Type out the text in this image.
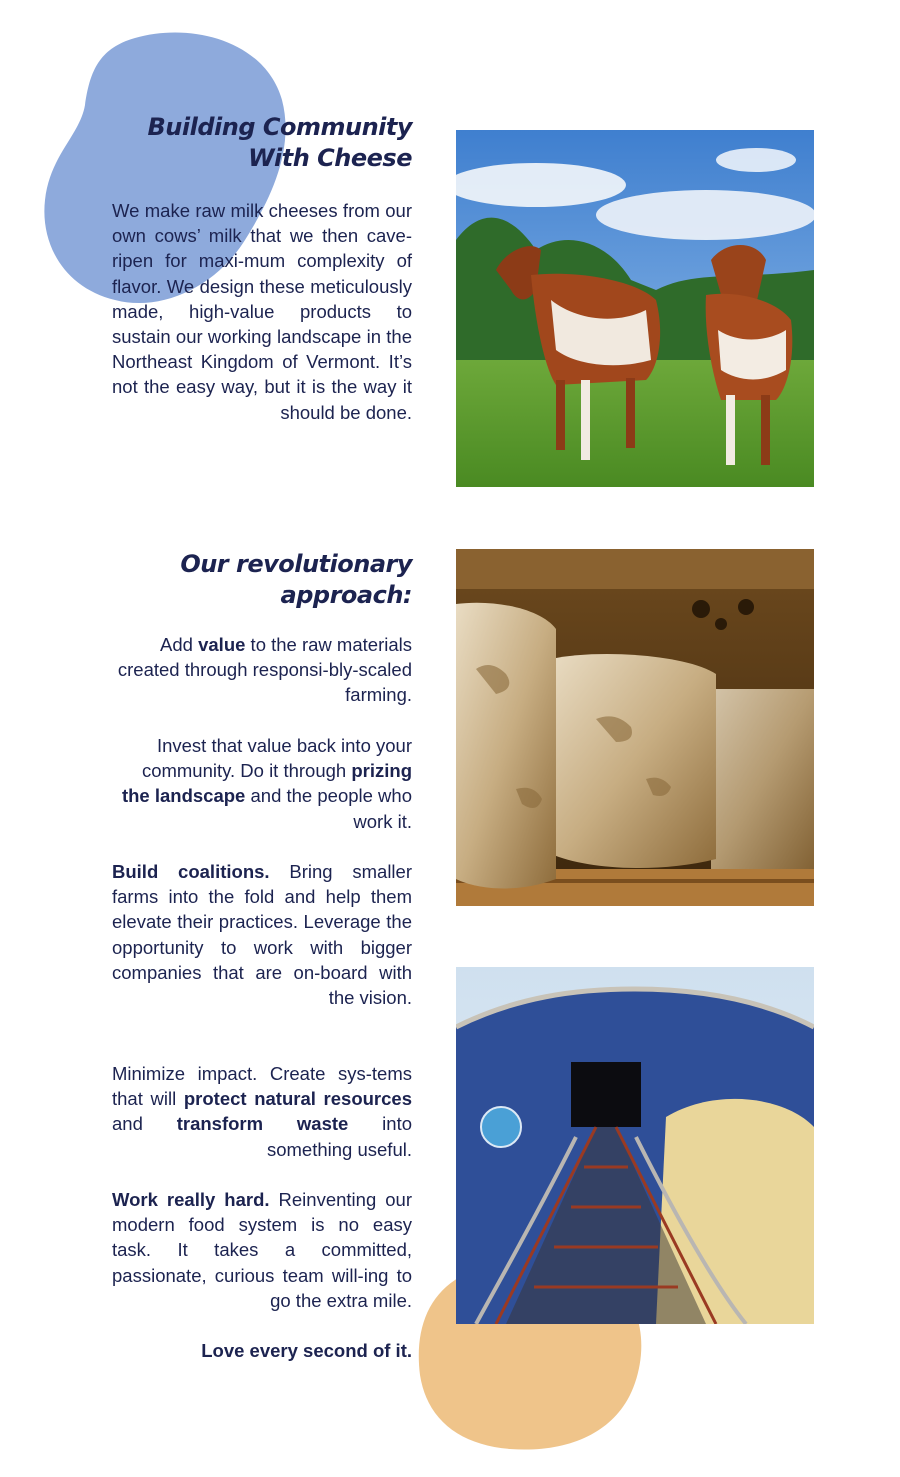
Building Community
With Cheese

We make raw milk cheeses from our own cows’ milk that we then cave-ripen for maxi-mum complexity of flavor. We design these meticulously made, high-value products to sustain our working landscape in the Northeast Kingdom of Vermont. It’s not the easy way, but it is the way it should be done.

Our revolutionary
approach:

Add value to the raw materials created through responsi-bly-scaled farming.

Invest that value back into your community. Do it through prizing the landscape and the people who work it.

Build coalitions. Bring smaller farms into the fold and help them elevate their practices. Leverage the opportunity to work with bigger companies that are on-board with the vision.

Minimize impact. Create sys-tems that will protect natural resources and transform waste into something useful.

Work really hard. Reinventing our modern food system is no easy task. It takes a committed, passionate, curious team will-ing to go the extra mile.

Love every second of it.
